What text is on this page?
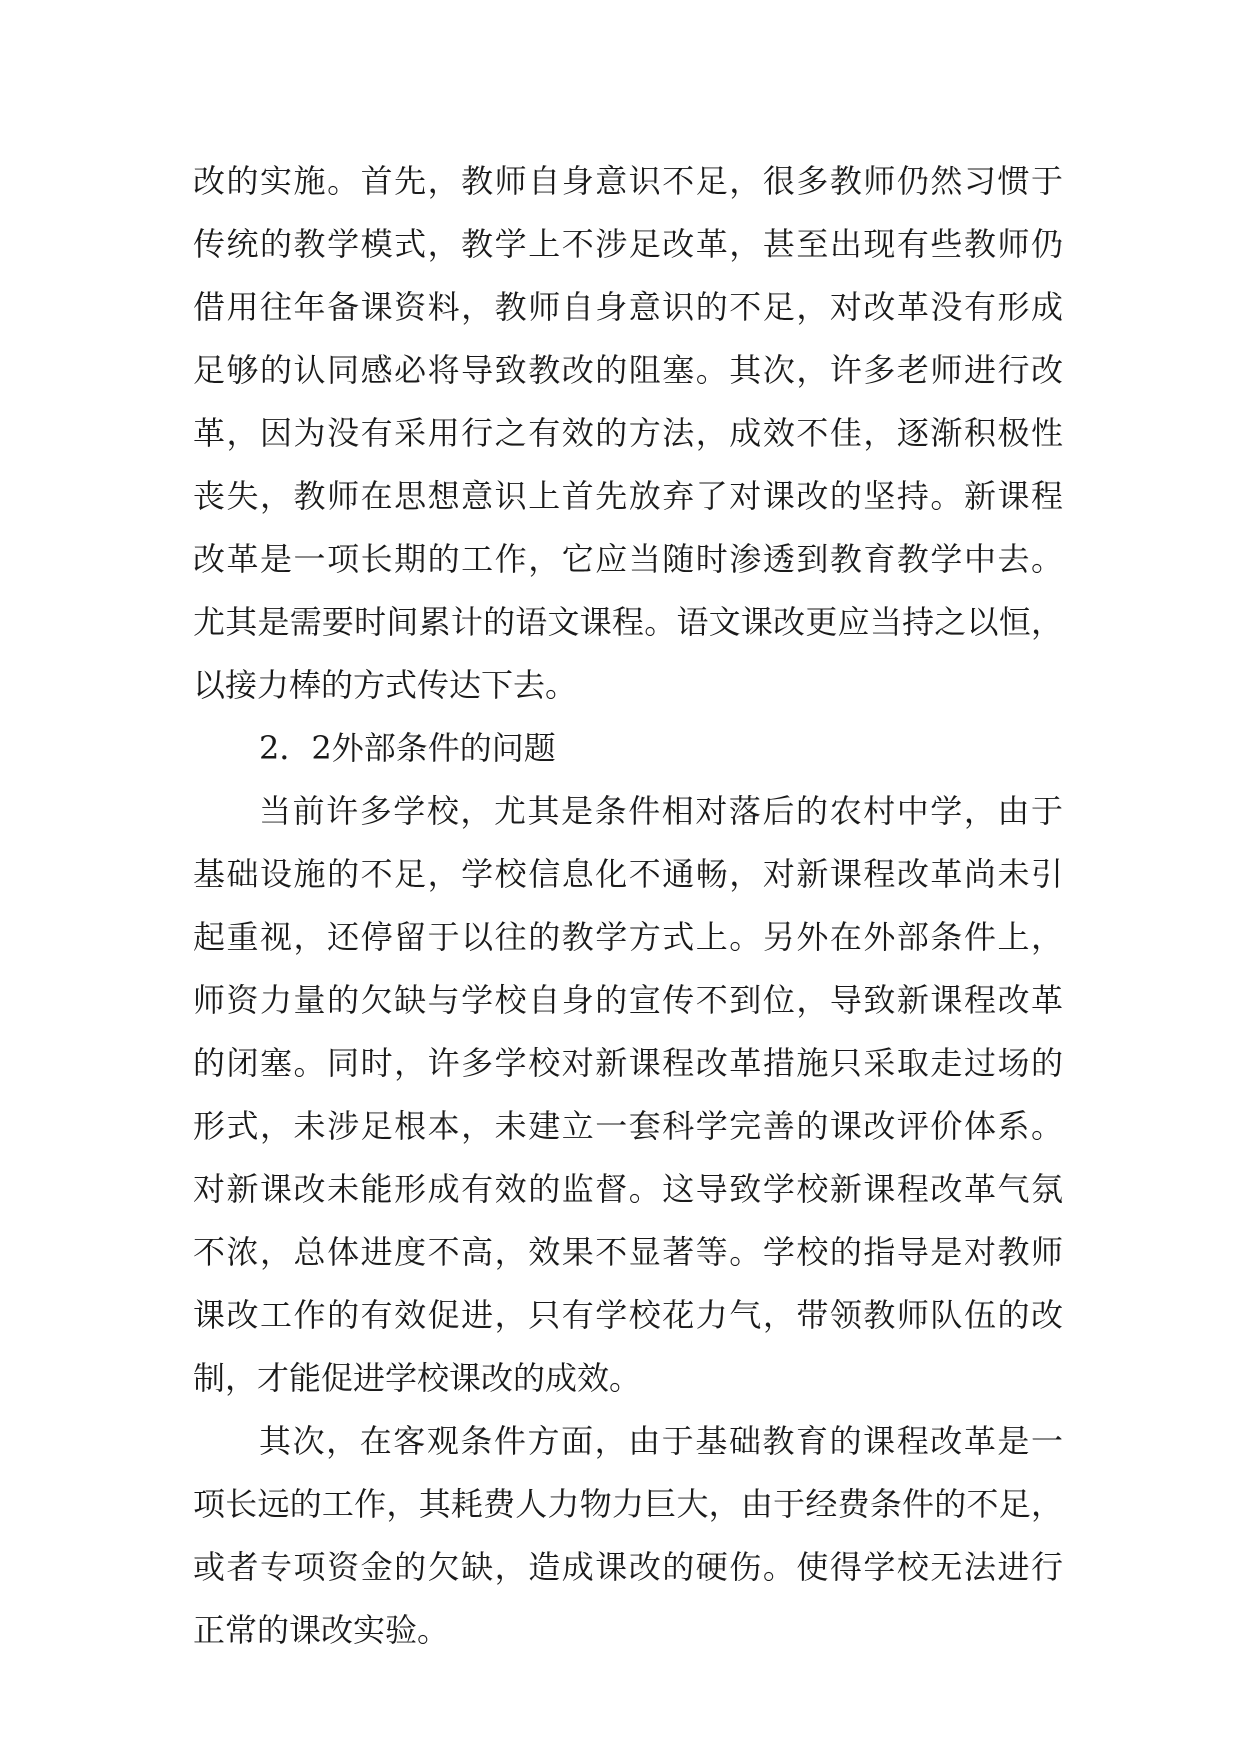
改的实施。首先，教师自身意识不足，很多教师仍然习惯于
传统的教学模式，教学上不涉足改革，甚至出现有些教师仍
借用往年备课资料，教师自身意识的不足，对改革没有形成
足够的认同感必将导致教改的阻塞。其次，许多老师进行改
革，因为没有采用行之有效的方法，成效不佳，逐渐积极性
丧失，教师在思想意识上首先放弃了对课改的坚持。新课程
改革是一项长期的工作，它应当随时渗透到教育教学中去。
尤其是需要时间累计的语文课程。语文课改更应当持之以恒，
以接力棒的方式传达下去。
2．2外部条件的问题
当前许多学校，尤其是条件相对落后的农村中学，由于
基础设施的不足，学校信息化不通畅，对新课程改革尚未引
起重视，还停留于以往的教学方式上。另外在外部条件上，
师资力量的欠缺与学校自身的宣传不到位，导致新课程改革
的闭塞。同时，许多学校对新课程改革措施只采取走过场的
形式，未涉足根本，未建立一套科学完善的课改评价体系。
对新课改未能形成有效的监督。这导致学校新课程改革气氛
不浓，总体进度不高，效果不显著等。学校的指导是对教师
课改工作的有效促进，只有学校花力气，带领教师队伍的改
制，才能促进学校课改的成效。
其次，在客观条件方面，由于基础教育的课程改革是一
项长远的工作，其耗费人力物力巨大，由于经费条件的不足，
或者专项资金的欠缺，造成课改的硬伤。使得学校无法进行
正常的课改实验。
